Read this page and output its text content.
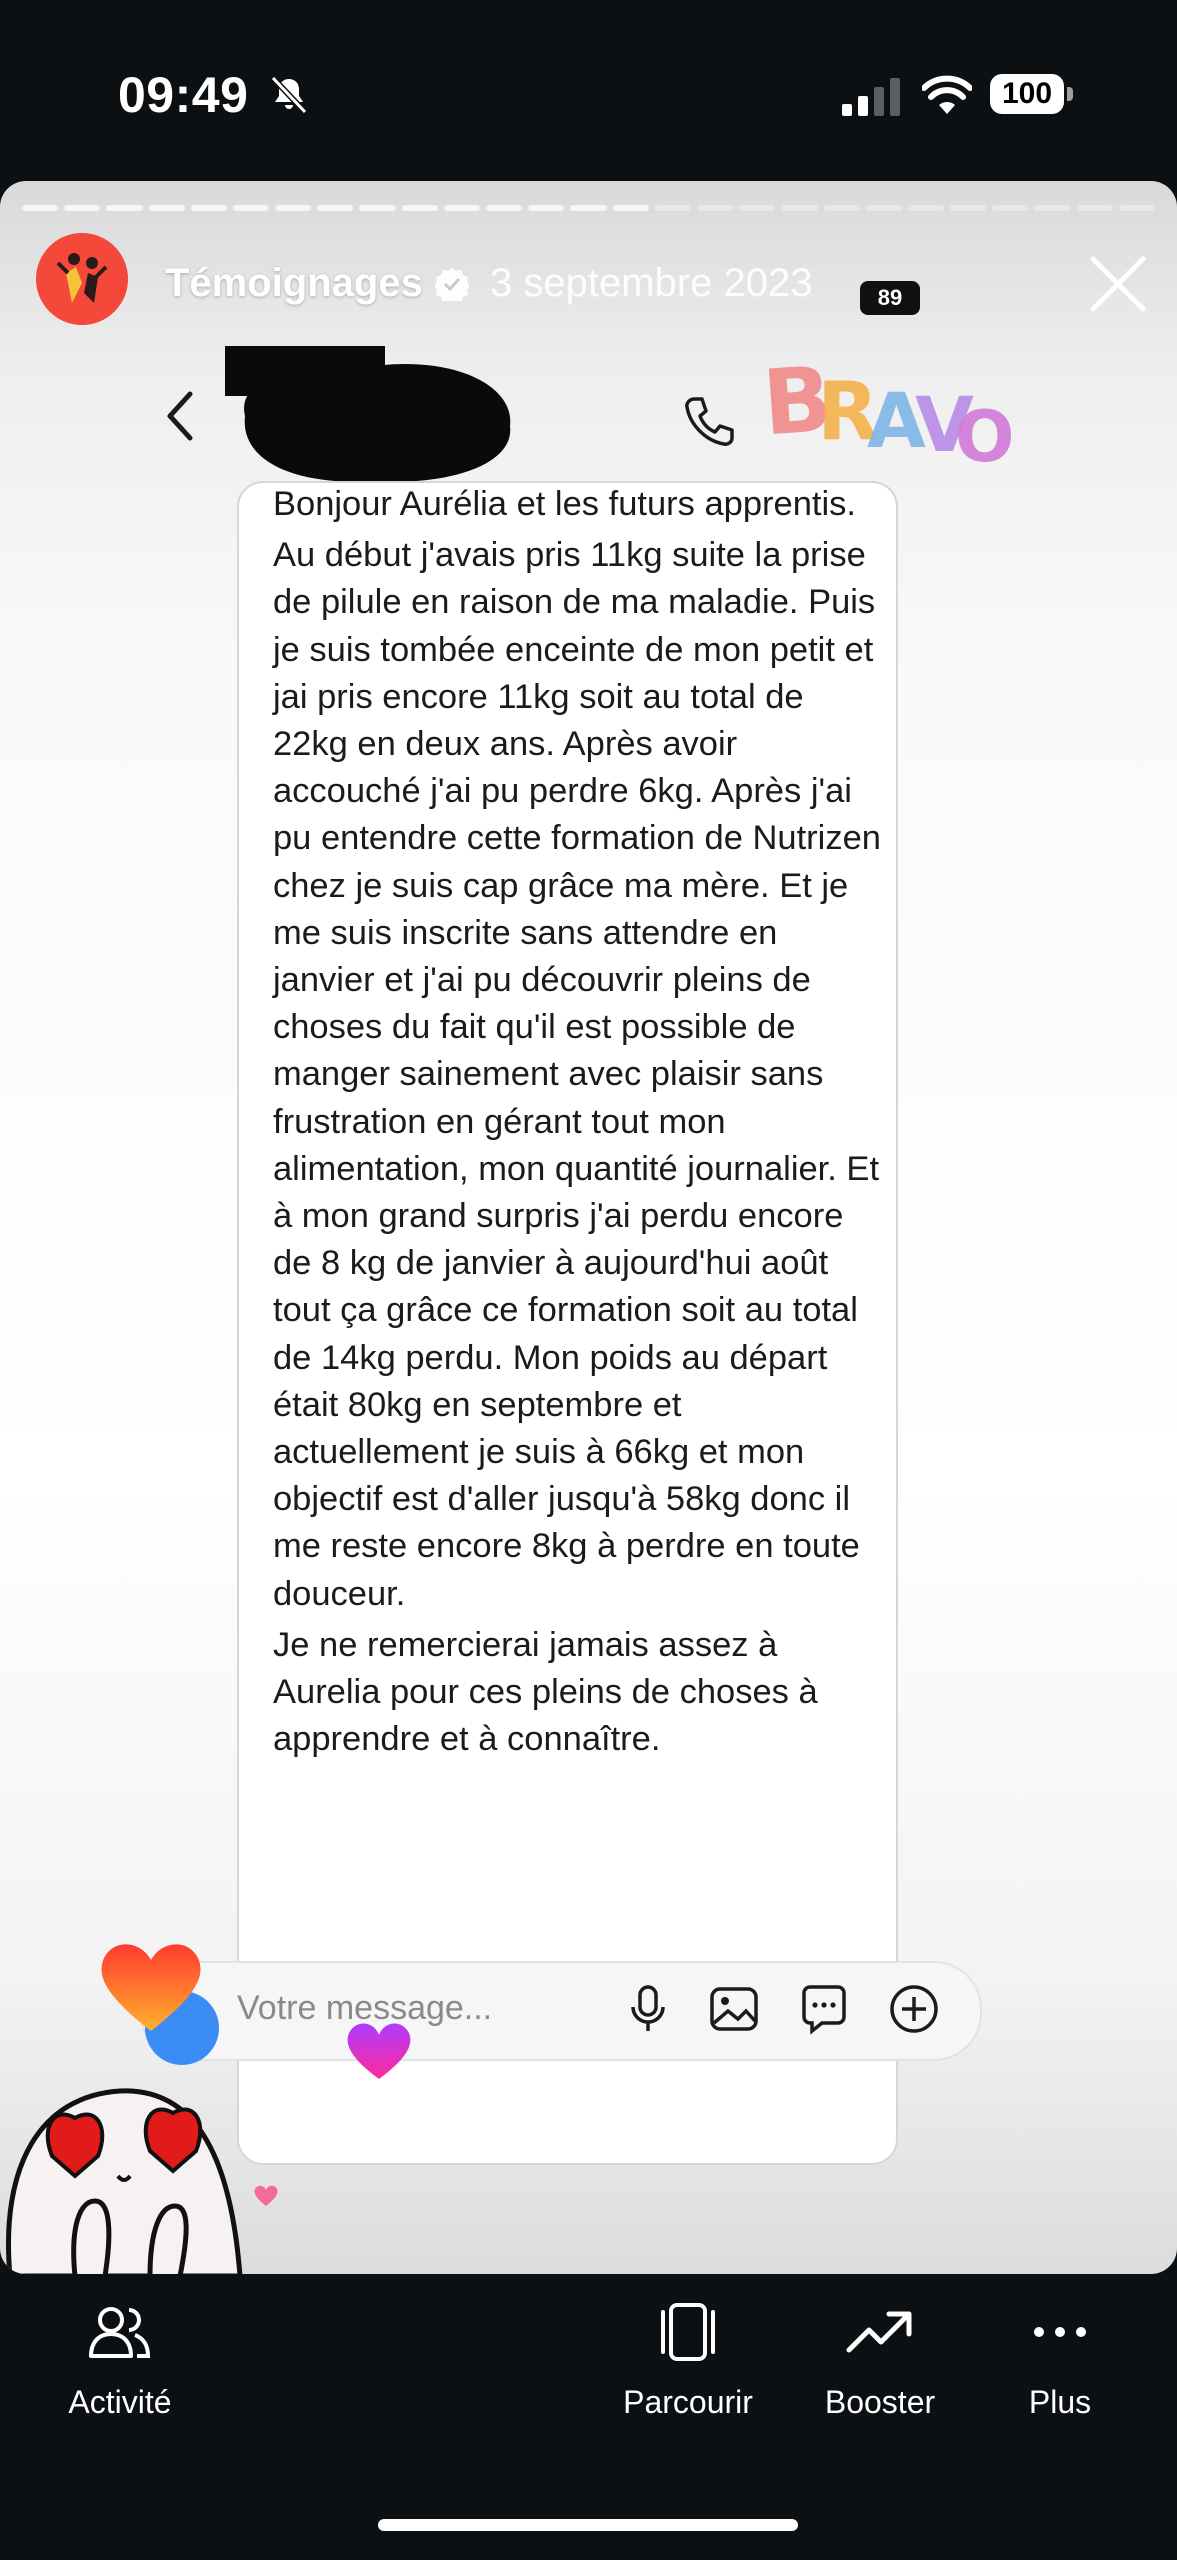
09:49	100
Témoignages 3 septembre 2023	89
B
R
A
V
O

Bonjour Aurélia et les futurs apprentis.

Au début j'avais pris 11kg suite la prise de pilule en raison de ma maladie. Puis je suis tombée enceinte de mon petit et jai pris encore 11kg soit au total de 22kg en deux ans. Après avoir accouché j'ai pu perdre 6kg. Après j'ai pu entendre cette formation de Nutrizen chez je suis cap grâce ma mère. Et je me suis inscrite sans attendre en janvier et j'ai pu découvrir pleins de choses du fait qu'il est possible de manger sainement avec plaisir sans frustration en gérant tout mon alimentation, mon quantité journalier. Et à mon grand surpris j'ai perdu encore de 8 kg de janvier à aujourd'hui août tout ça grâce ce formation soit au total de 14kg perdu. Mon poids au départ était 80kg en septembre et actuellement je suis à 66kg et mon objectif est d'aller jusqu'à 58kg donc il me reste encore 8kg à perdre en toute douceur.

Je ne remercierai jamais assez à Aurelia pour ces pleins de choses à apprendre et à connaître.

Votre message...
Activité	Parcourir	Booster	Plus
